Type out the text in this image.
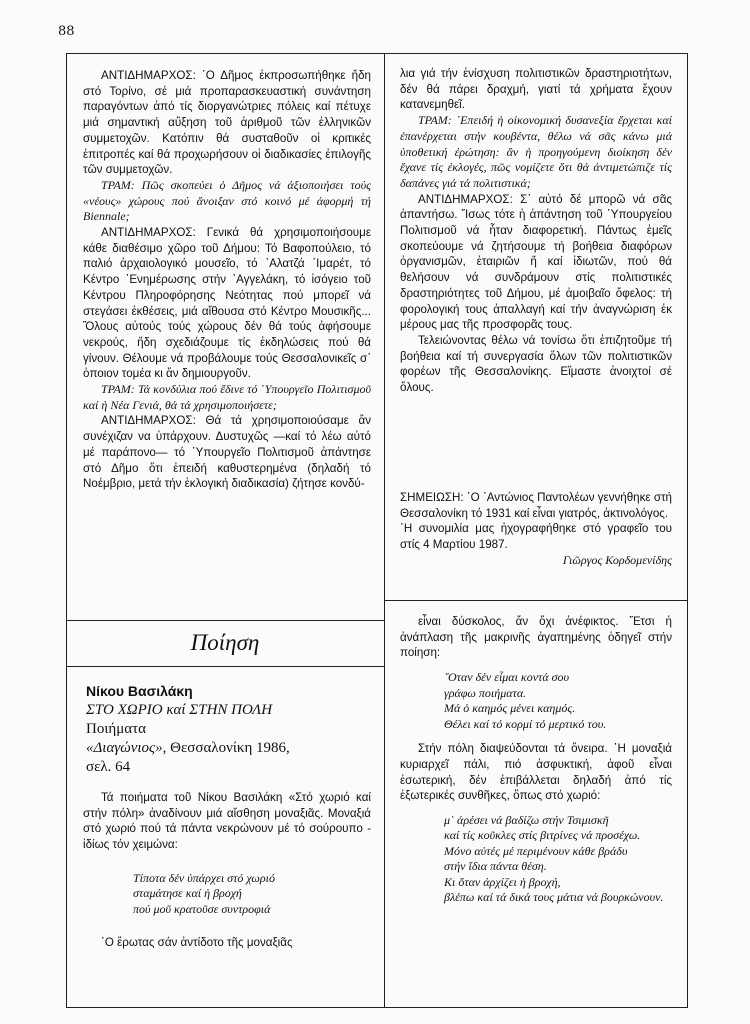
88

ΑΝΤΙΔΗΜΑΡΧΟΣ: ῾Ο Δῆμος ἐκπροσωπήθηκε ἤδη στό Τορίνο, σέ μιά προπαρασκευαστική συνάντηση παραγόντων ἀπό τίς διοργανώτριες πόλεις καί πέτυχε μιά σημαντική αὔξηση τοῦ ἀριθμοῦ τῶν ἑλληνικῶν συμμετοχῶν. Κατόπιν θά συσταθοῦν οἱ κριτικές ἐπιτροπές καί θά προχωρήσουν οἱ διαδικασίες ἐπιλογῆς τῶν συμμετοχῶν.

ΤΡΑΜ: Πῶς σκοπεύει ὁ Δῆμος νά ἀξιοποιήσει τούς «νέους» χώρους πού ἄνοιξαν στό κοινό μέ ἀφορμή τή Biennale;

ΑΝΤΙΔΗΜΑΡΧΟΣ: Γενικά θά χρησιμοποιήσουμε κάθε διαθέσιμο χῶρο τοῦ Δήμου: Τό Βαφοπούλειο, τό παλιό ἀρχαιολογικό μουσεῖο, τό ᾿Αλατζά ῾Ιμαρέτ, τό Κέντρο ᾿Ενημέρωσης στήν ᾿Αγγελάκη, τό ἰσόγειο τοῦ Κέντρου Πληροφόρησης Νεότητας πού μπορεῖ νά στεγάσει ἐκθέσεις, μιά αἴθουσα στό Κέντρο Μουσικῆς... Ὅλους αὐτούς τούς χώρους δέν θά τούς ἀφήσουμε νεκρούς, ἤδη σχεδιάζουμε τίς ἐκδηλώσεις πού θά γίνουν. Θέλουμε νά προβάλουμε τούς Θεσσαλονικεῖς σ᾿ ὁποιον τομέα κι ἄν δημιουργοῦν.

ΤΡΑΜ: Τά κονδύλια πού ἔδινε τό ῾Υπουργεῖο Πολιτισμοῦ καί ἡ Νέα Γενιά, θά τά χρησιμοποιήσετε;

ΑΝΤΙΔΗΜΑΡΧΟΣ: Θά τά χρησιμοποιούσαμε ἄν συνέχιζαν να ὑπάρχουν. Δυστυχῶς —καί τό λέω αὐτό μέ παράπονο— τό ῾Υπουργεῖο Πολιτισμοῦ ἀπάντησε στό Δῆμο ὅτι ἐπειδή καθυστερημένα (δηλαδή τό Νοέμβριο, μετά τήν ἐκλογική διαδικασία) ζήτησε κονδύ-

λια γιά τήν ἐνίσχυση πολιτιστικῶν δραστηριοτήτων, δέν θά πάρει δραχμή, γιατί τά χρήματα ἔχουν κατανεμηθεῖ.

ΤΡΑΜ: ᾿Επειδή ἡ οἰκονομική δυσανεξία ἔρχεται καί ἐπανέρχεται στήν κουβέντα, θέλω νά σᾶς κάνω μιά ὑποθετική ἐρώτηση: ἄν ἡ προηγούμενη διοίκηση δέν ἔχανε τίς ἐκλογές, πῶς νομίζετε ὅτι θά ἀντιμετώπιζε τίς δαπάνες γιά τά πολιτιστικά;

ΑΝΤΙΔΗΜΑΡΧΟΣ: Σ᾿ αὐτό δέ μπορῶ νά σᾶς ἀπαντήσω. Ἴσως τότε ἡ ἀπάντηση τοῦ ῾Υπουργείου Πολιτισμοῦ νά ἦταν διαφορετική. Πάντως ἐμεῖς σκοπεύουμε νά ζητήσουμε τή βοήθεια διαφόρων ὀργανισμῶν, ἑταιριῶν ἤ καί ἰδιωτῶν, πού θά θελήσουν νά συνδράμουν στίς πολιτιστικές δραστηριότητες τοῦ Δήμου, μέ ἀμοιβαῖο ὄφελος: τή φορολογική τους ἀπαλλαγή καί τήν ἀναγνώριση ἐκ μέρους μας τῆς προσφορᾶς τους.

Τελειώνοντας θέλω νά τονίσω ὅτι ἐπιζητοῦμε τή βοήθεια καί τή συνεργασία ὅλων τῶν πολιτιστικῶν φορέων τῆς Θεσσαλονίκης. Εἴμαστε ἀνοιχτοί σέ ὅλους.

ΣΗΜΕΙΩΣΗ: ῾Ο ᾿Αντώνιος Παντολέων γεννήθηκε στή Θεσσαλονίκη τό 1931 καί εἶναι γιατρός, ἀκτινολόγος.

῾Η συνομιλία μας ἠχογραφήθηκε στό γραφεῖο του στίς 4 Μαρτίου 1987.

Γιῶργος Κορδομενίδης

Ποίηση
Νίκου Βασιλάκη
ΣΤΟ ΧΩΡΙΟ καί ΣΤΗΝ ΠΟΛΗ
Ποιήματα
«Διαγώνιος», Θεσσαλονίκη 1986,
σελ. 64

Τά ποιήματα τοῦ Νίκου Βασιλάκη «Στό χωριό καί στήν πόλη» ἀναδίνουν μιά αἴσθηση μοναξιᾶς. Μοναξιά στό χωριό πού τά πάντα νεκρώνουν μέ τό σούρουπο - ἰδίως τόν χειμώνα:

Τίποτα δέν ὑπάρχει στό χωριό
σταμάτησε καί ἡ βροχή
πού μοῦ κρατοῦσε συντροφιά

῾Ο ἔρωτας σάν ἀντίδοτο τῆς μοναξιᾶς

εἶναι δύσκολος, ἄν ὄχι ἀνέφικτος. Ἔτσι ἡ ἀνάπλαση τῆς μακρινῆς ἀγαπημένης ὁδηγεῖ στήν ποίηση:

῞Οταν δέν εἶμαι κοντά σου
γράφω ποιήματα.
Μά ὁ καημός μένει καημός.
Θέλει καί τό κορμί τό μερτικό του.

Στήν πόλη διαψεύδονται τά ὄνειρα. ῾Η μοναξιά κυριαρχεῖ πάλι, πιό ἀσφυκτική, ἀφοῦ εἶναι ἐσωτερική, δέν ἐπιβάλλεται δηλαδή ἀπό τίς ἐξωτερικές συνθῆκες, ὅπως στό χωριό:

μ᾿ ἀρέσει νά βαδίζω στήν Τσιμισκῆ
καί τίς κοῦκλες στίς βιτρίνες νά προσέχω.
Μόνο αὐτές μέ περιμένουν κάθε βράδυ
στήν ἴδια πάντα θέση.
Κι ὅταν ἀρχίζει ἡ βροχή,
βλέπω καί τά δικά τους μάτια νά βουρκώνουν.
